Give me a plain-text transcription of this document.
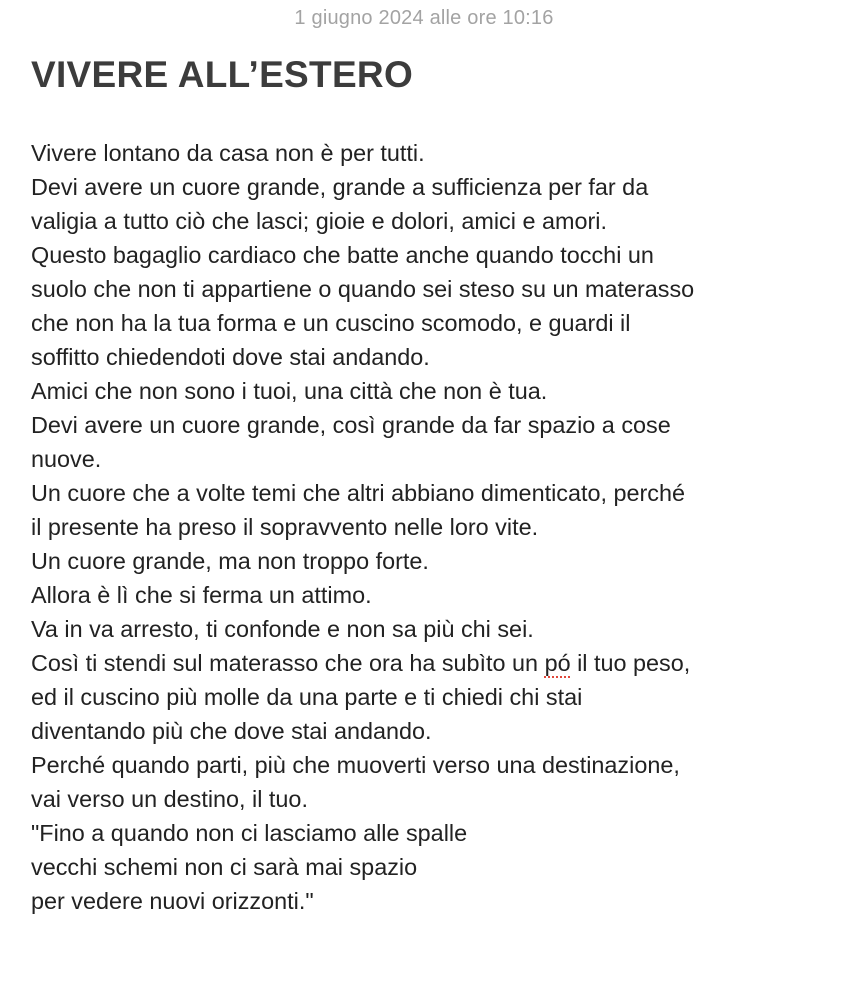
1 giugno 2024 alle ore 10:16
VIVERE ALL’ESTERO
Vivere lontano da casa non è per tutti.
Devi avere un cuore grande, grande a sufficienza per far da
valigia a tutto ciò che lasci; gioie e dolori, amici e amori.
Questo bagaglio cardiaco che batte anche quando tocchi un
suolo che non ti appartiene o quando sei steso su un materasso
che non ha la tua forma e un cuscino scomodo, e guardi il
soffitto chiedendoti dove stai andando.
Amici che non sono i tuoi, una città che non è tua.
Devi avere un cuore grande, così grande da far spazio a cose
nuove.
Un cuore che a volte temi che altri abbiano dimenticato, perché
il presente ha preso il sopravvento nelle loro vite.
Un cuore grande, ma non troppo forte.
Allora è lì che si ferma un attimo.
Va in va arresto, ti confonde e non sa più chi sei.
Così ti stendi sul materasso che ora ha subìto un pó il tuo peso,
ed il cuscino più molle da una parte e ti chiedi chi stai
diventando più che dove stai andando.
Perché quando parti, più che muoverti verso una destinazione,
vai verso un destino, il tuo.
"Fino a quando non ci lasciamo alle spalle
vecchi schemi non ci sarà mai spazio
per vedere nuovi orizzonti."
